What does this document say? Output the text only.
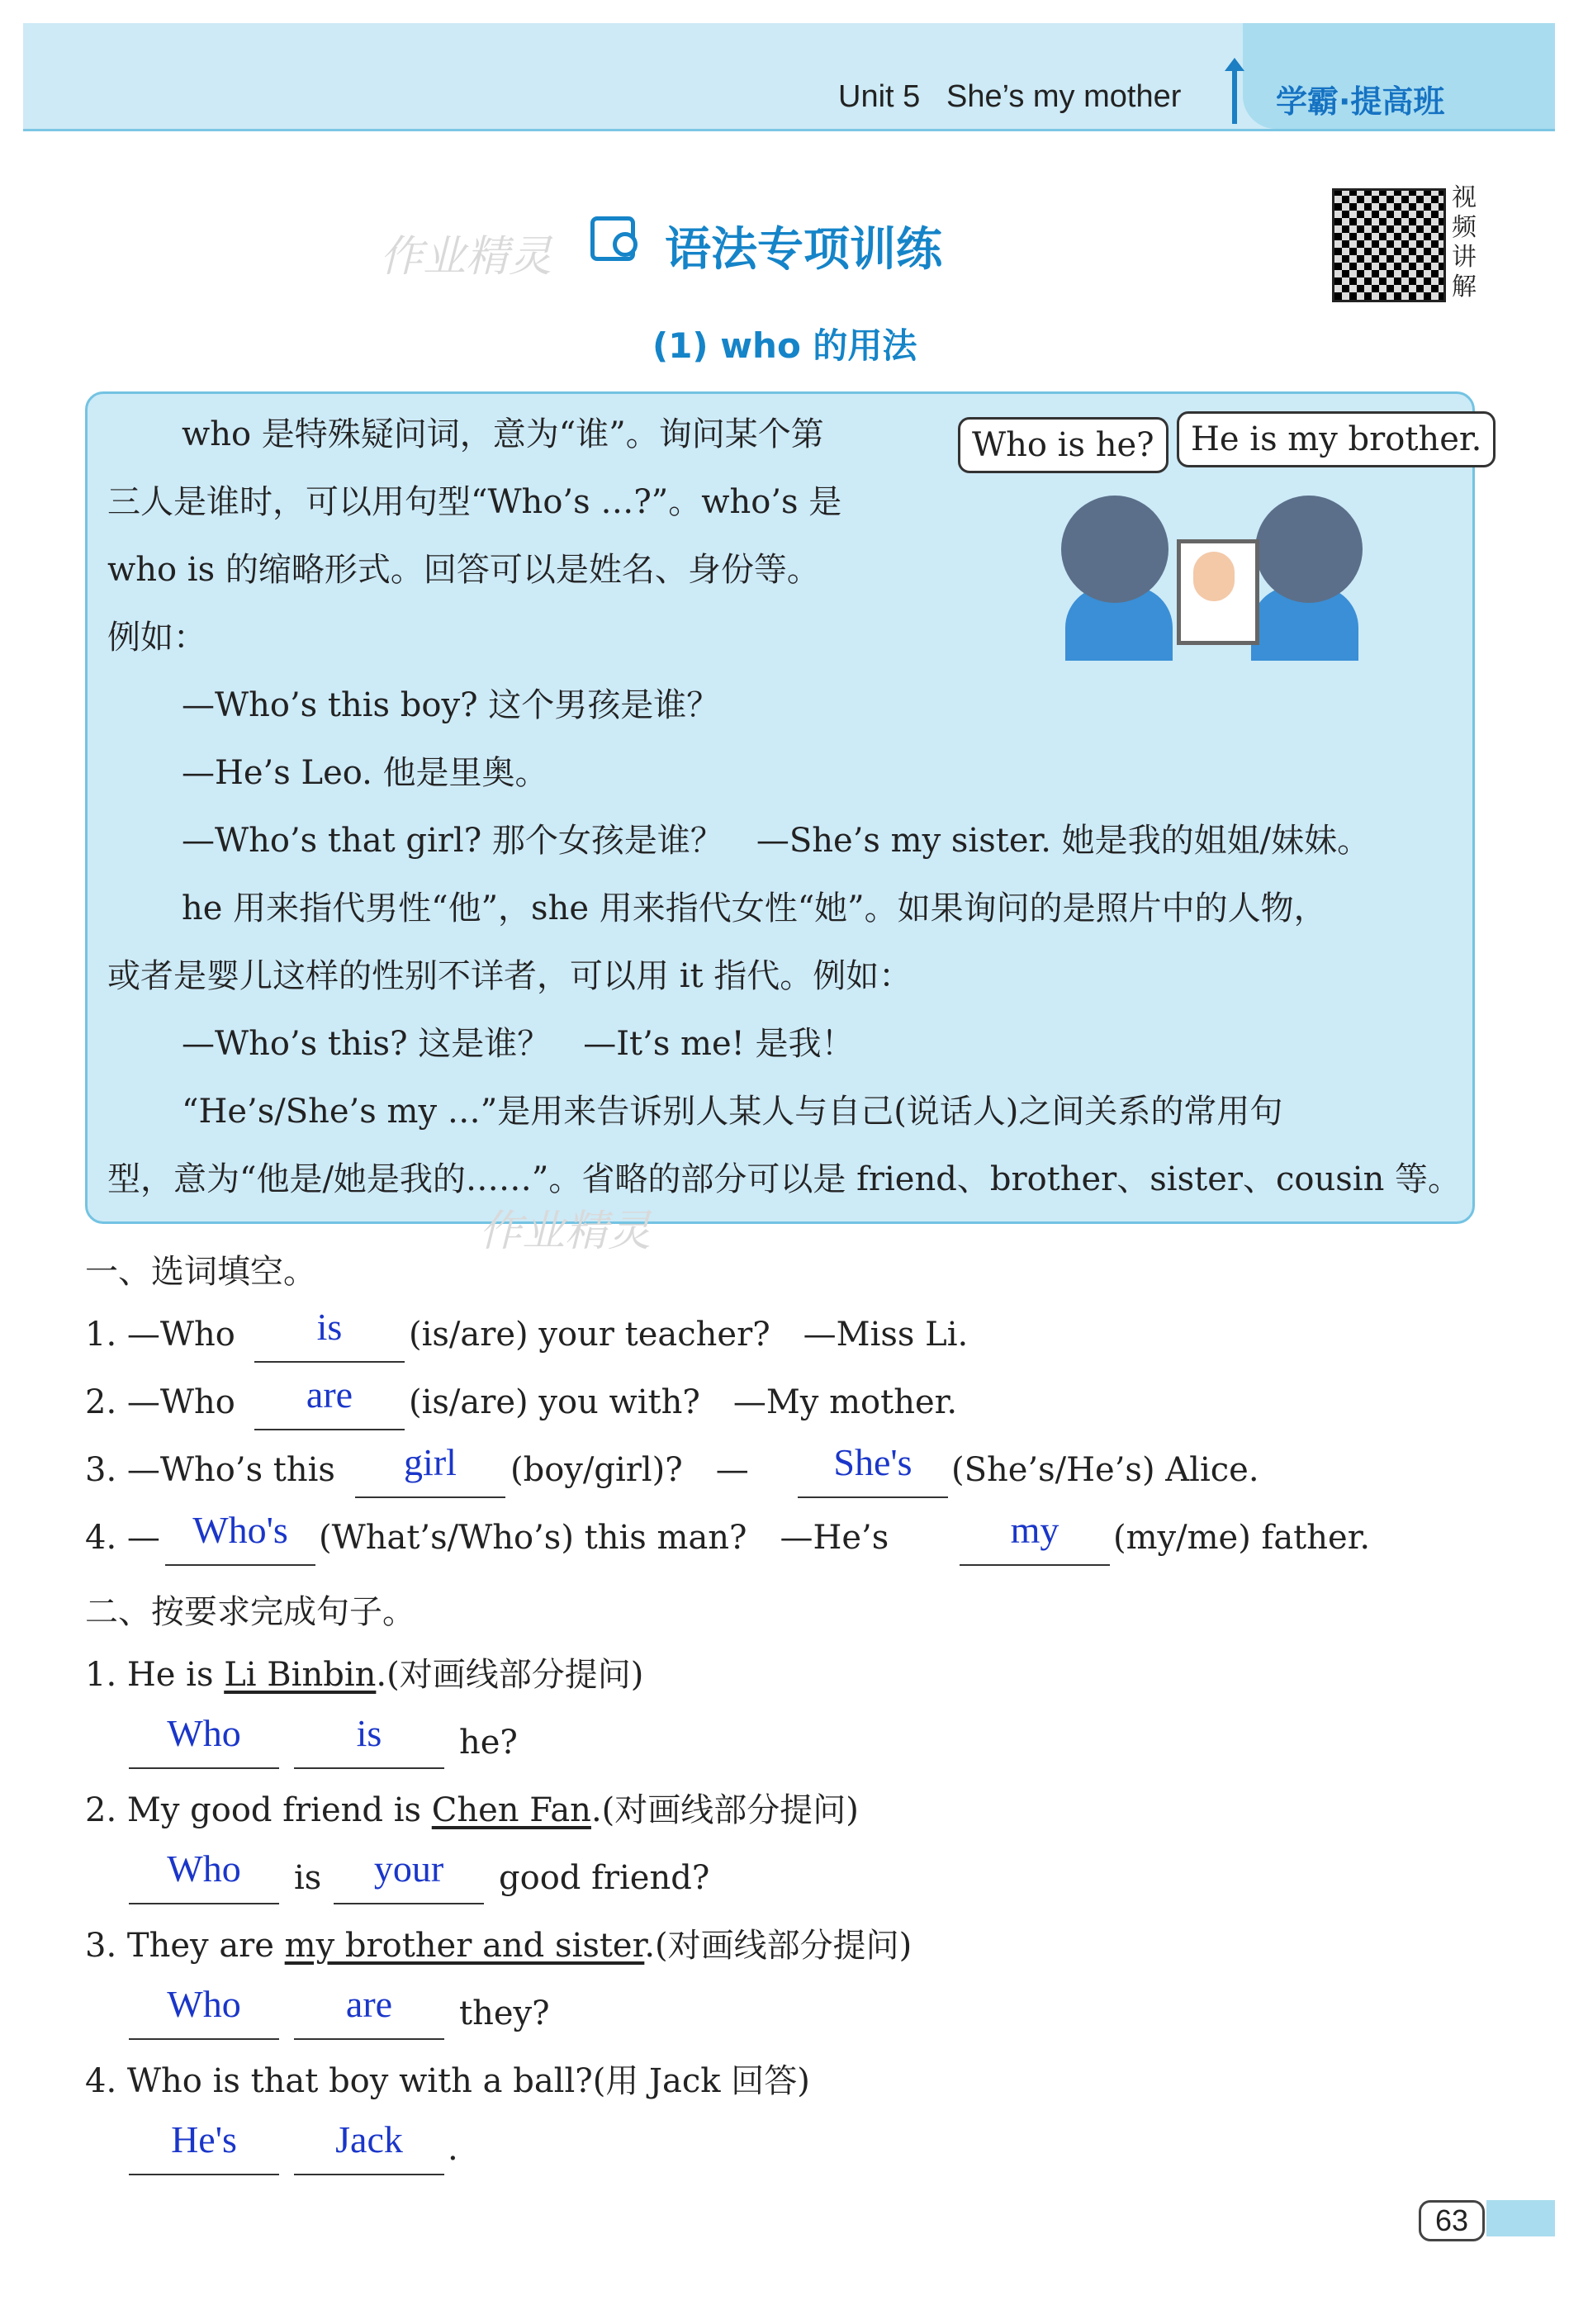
Unit 5 She’s my mother	学霸·提高班
作业精灵 语法专项训练
(1) who 的用法
视频讲解
who 是特殊疑问词，意为“谁”。询问某个第
三人是谁时，可以用句型“Who’s …?”。who’s 是
who is 的缩略形式。回答可以是姓名、身份等。
例如：
—Who’s this boy? 这个男孩是谁？
—He’s Leo. 他是里奥。
—Who’s that girl? 那个女孩是谁？　—She’s my sister. 她是我的姐姐/妹妹。
he 用来指代男性“他”，she 用来指代女性“她”。如果询问的是照片中的人物，
或者是婴儿这样的性别不详者，可以用 it 指代。例如：
—Who’s this? 这是谁？　—It’s me! 是我！
“He’s/She’s my …”是用来告诉别人某人与自己(说话人)之间关系的常用句
型，意为“他是/她是我的……”。省略的部分可以是 friend、brother、sister、cousin 等。
作业精灵
Who is he?	He is my brother.
一、选词填空。
1. —Who	is	(is/are) your teacher?　—Miss Li.
2. —Who	are	(is/are) you with?　—My mother.
3. —Who’s this	girl	(boy/girl)?　—	She's	(She’s/He’s) Alice.
4. — Who's (What’s/Who’s) this man?　—He’s	my	(my/me) father.
二、按要求完成句子。
1. He is Li Binbin.(对画线部分提问)
Who	is	he?
2. My good friend is Chen Fan.(对画线部分提问)
Who	is	your	good friend?
3. They are my brother and sister.(对画线部分提问)
Who	are	they?
4. Who is that boy with a ball?(用 Jack 回答)
He's	Jack	.
63
